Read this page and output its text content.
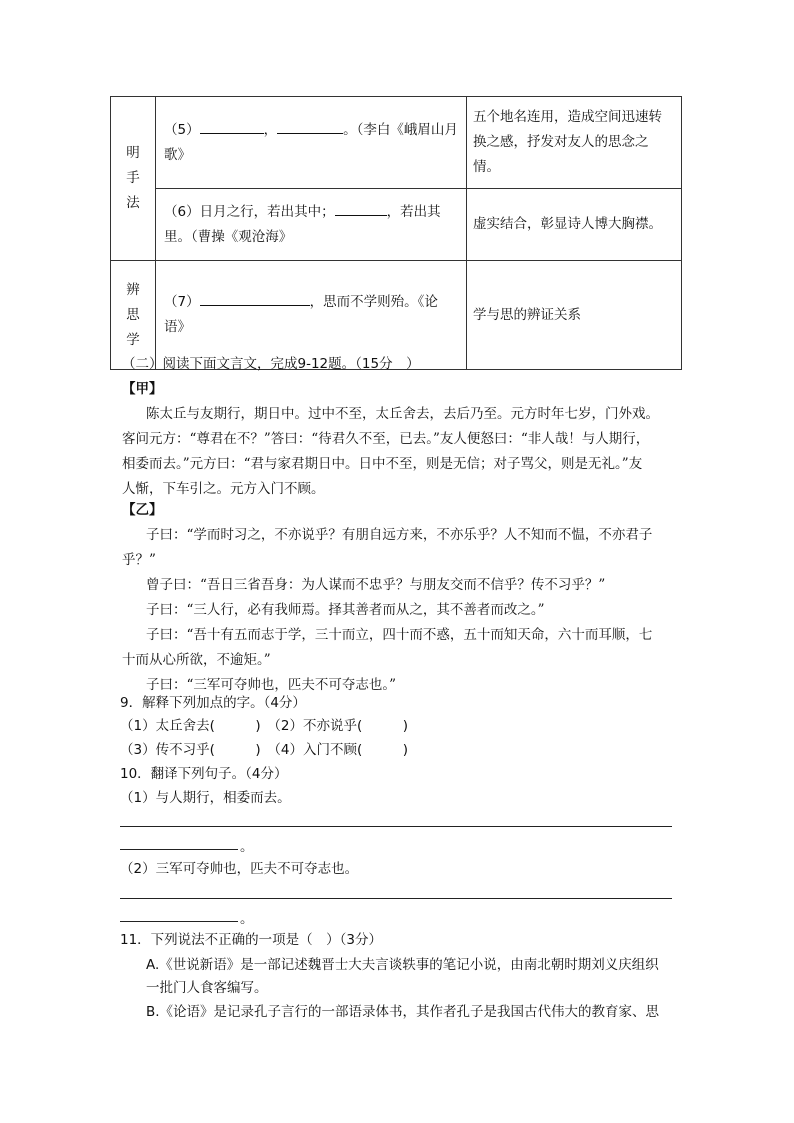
明
手
法	（5） ， 。（李白《峨眉山月歌》	五个地名连用，造成空间迅速转换之感，抒发对友人的思念之情。
	（6）日月之行，若出其中； ，若出其里。（曹操《观沧海》	虚实结合，彰显诗人博大胸襟。

辨
思
学	（7） ，思而不学则殆。《论语》	学与思的辨证关系
（二）阅读下面文言文，完成9-12题。（15分　）
【甲】
陈太丘与友期行，期日中。过中不至，太丘舍去，去后乃至。元方时年七岁，门外戏。
客问元方：“尊君在不？”答曰：“待君久不至，已去。”友人便怒曰：“非人哉！与人期行，
相委而去。”元方曰：“君与家君期日中。日中不至，则是无信；对子骂父，则是无礼。”友
人惭，下车引之。元方入门不顾。
【乙】
子曰：“学而时习之，不亦说乎？有朋自远方来，不亦乐乎？人不知而不愠，不亦君子
乎？”
曾子曰：“吾日三省吾身：为人谋而不忠乎？与朋友交而不信乎？传不习乎？”
子曰：“三人行，必有我师焉。择其善者而从之，其不善者而改之。”
子曰：“吾十有五而志于学，三十而立，四十而不惑，五十而知天命，六十而耳顺，七
十而从心所欲，不逾矩。”
子曰：“三军可夺帅也，匹夫不可夺志也。”
9．解释下列加点的字。（4分）
（1）太丘舍去(　　　)　（2）不亦说乎(　　　)
（3）传不习乎(　　　)　（4）入门不顾(　　　)
10．翻译下列句子。（4分）
（1）与人期行，相委而去。
。
（2）三军可夺帅也，匹夫不可夺志也。
。
11．下列说法不正确的一项是（　）（3分）
A.《世说新语》是一部记述魏晋士大夫言谈轶事的笔记小说，由南北朝时期刘义庆组织
一批门人食客编写。
B.《论语》是记录孔子言行的一部语录体书，其作者孔子是我国古代伟大的教育家、思
